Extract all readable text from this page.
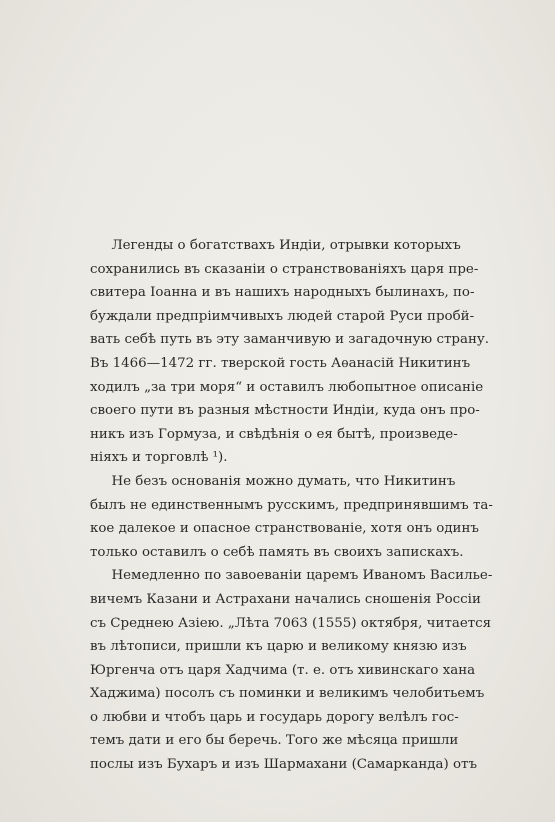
Легенды о богатствахъ Индіи, отрывки которыхъ
сохранились въ сказаніи о странствованіяхъ царя пре-
свитера Іоанна и въ нашихъ народныхъ былинахъ, по-
буждали предпріимчивыхъ людей старой Руси пробй-
вать себѣ путь въ эту заманчивую и загадочную страну.
Въ 1466—1472 гг. тверской гость Аѳанасій Никитинъ
ходилъ „за три моря“ и оставилъ любопытное описаніе
своего пути въ разныя мѣстности Индіи, куда онъ про-
никъ изъ Гормуза, и свѣдѣнія о ея бытѣ, произведе-
ніяхъ и торговлѣ ¹).

Не безъ основанія можно думать, что Никитинъ
былъ не единственнымъ русскимъ, предпринявшимъ та-
кое далекое и опасное странствованіе, хотя онъ одинъ
только оставилъ о себѣ память въ своихъ запискахъ.

Немедленно по завоеваніи царемъ Иваномъ Василье-
вичемъ Казани и Астрахани начались сношенія Россіи
съ Среднею Азіею. „Лѣта 7063 (1555) октября, читается
въ лѣтописи, пришли къ царю и великому князю изъ
Юргенча отъ царя Хадчима (т. е. отъ хивинскаго хана
Хаджима) посолъ съ поминки и великимъ челобитьемъ
о любви и чтобъ царь и государь дорогу велѣлъ гос-
темъ дати и его бы беречь. Того же мѣсяца пришли
послы изъ Бухаръ и изъ Шармахани (Самарканда) отъ
